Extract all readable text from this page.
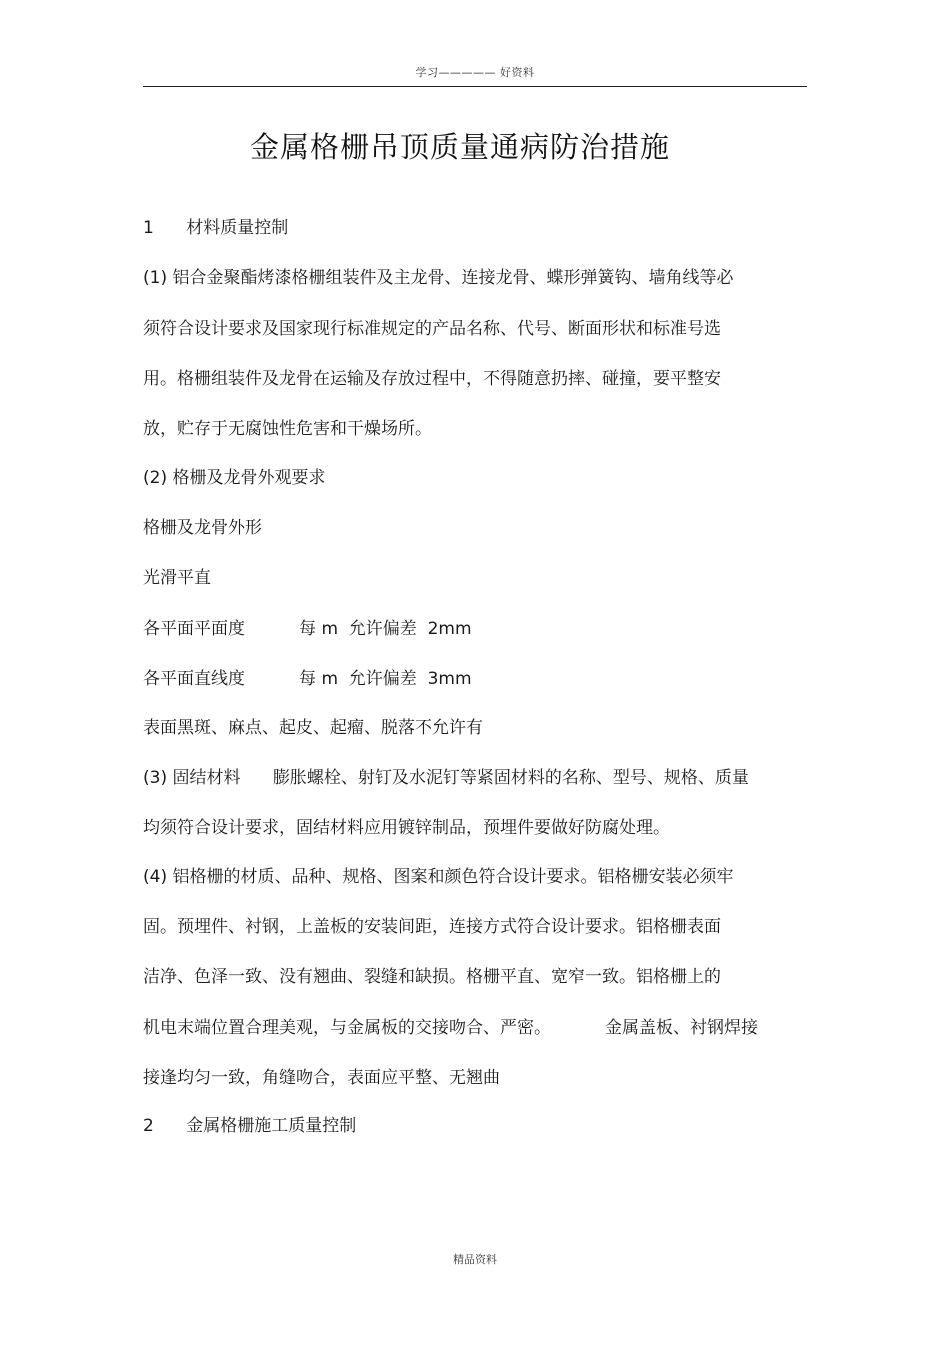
学习————— 好资料
金属格栅吊顶质量通病防治措施
1      材料质量控制
(1) 铝合金聚酯烤漆格栅组装件及主龙骨、连接龙骨、蝶形弹簧钩、墙角线等必
须符合设计要求及国家现行标准规定的产品名称、代号、断面形状和标准号选
用。格栅组装件及龙骨在运输及存放过程中，不得随意扔摔、碰撞，要平整安
放，贮存于无腐蚀性危害和干燥场所。
(2) 格栅及龙骨外观要求
格栅及龙骨外形
光滑平直
各平面平面度          每 m  允许偏差  2mm
各平面直线度          每 m  允许偏差  3mm
表面黑斑、麻点、起皮、起瘤、脱落不允许有
(3) 固结材料      膨胀螺栓、射钉及水泥钉等紧固材料的名称、型号、规格、质量
均须符合设计要求，固结材料应用镀锌制品，预埋件要做好防腐处理。
(4) 铝格栅的材质、品种、规格、图案和颜色符合设计要求。铝格栅安装必须牢
固。预埋件、衬钢，上盖板的安装间距，连接方式符合设计要求。铝格栅表面
洁净、色泽一致、没有翘曲、裂缝和缺损。格栅平直、宽窄一致。铝格栅上的
机电末端位置合理美观，与金属板的交接吻合、严密。          金属盖板、衬钢焊接
接逢均匀一致，角缝吻合，表面应平整、无翘曲
2      金属格栅施工质量控制
精品资料
